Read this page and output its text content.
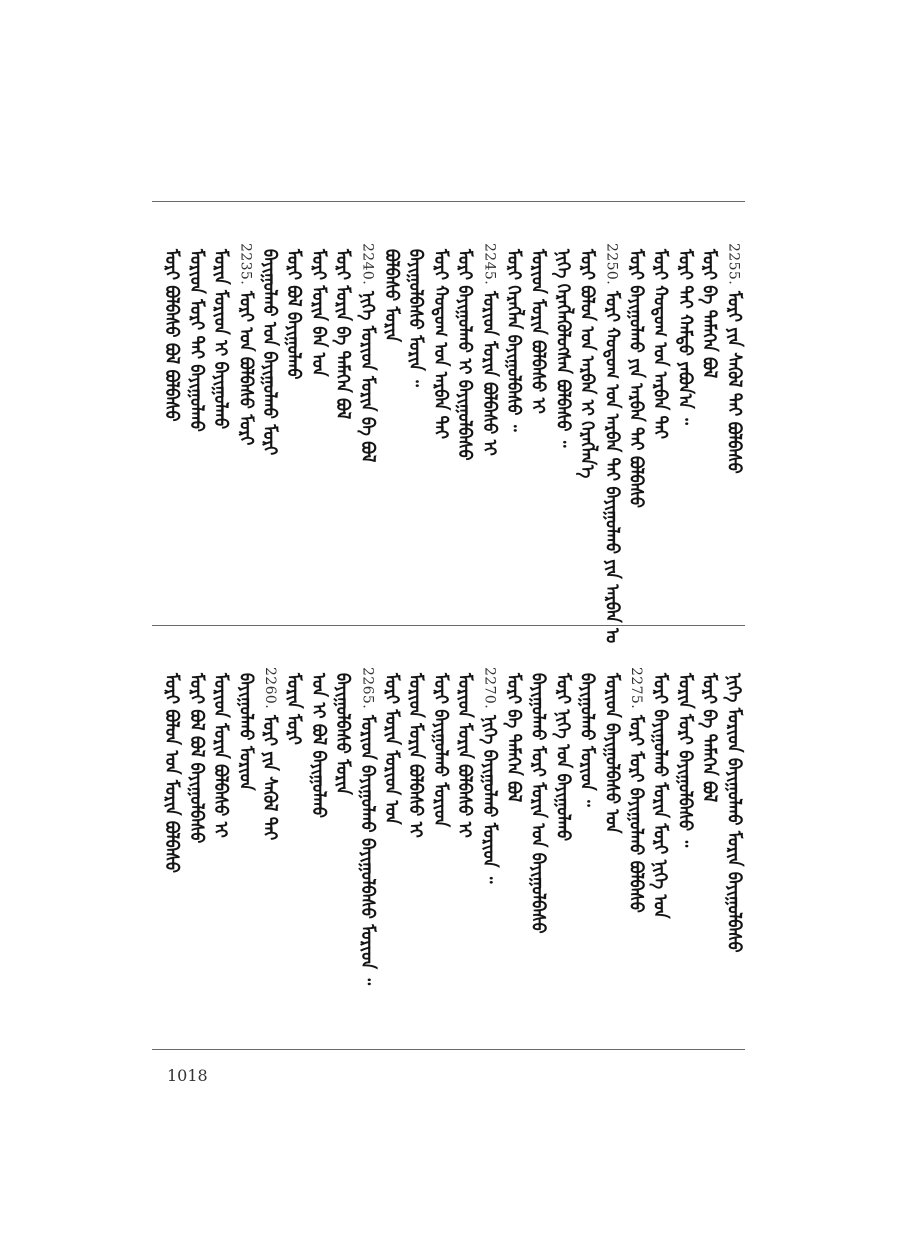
2255.ᠮᠣᠷᠢ ᠶᠢᠨ ᠰᠡᠭᠦᠯ ᠲᠡᠢ ᠪᠣᠯᠪᠠᠰᠤ
ᠮᠣᠷᠢ ᠪᠠ ᠲᠡᠮᠡᠭᠡᠨ ᠪᠣᠯ
ᠮᠣᠷᠢ ᠲᠠᠢ ᠬᠠᠮᠲᠤ ᠶᠠᠪᠤᠨ᠎ᠠ ᠃
ᠮᠣᠷᠢ ᠬᠤᠲᠤᠭ ᠤᠨ ᠠᠷᠪᠠᠨ ᠲᠡᠢ
ᠮᠣᠷᠢ ᠪᠠᠶᠢᠭᠤᠯᠬᠤ ᠶᠢᠨ ᠠᠷᠪᠠᠨ ᠲᠡᠢ ᠪᠣᠯᠪᠠᠰᠤ
2250.ᠮᠣᠷᠢ ᠬᠤᠲᠤᠭ ᠤᠨ ᠠᠷᠪᠠᠨ ᠲᠠᠢ ᠪᠠᠶᠢᠭᠤᠯᠬᠤ ᠶᠢᠨ ᠠᠷᠪᠠᠨ ᠤ
ᠮᠣᠷᠢ ᠪᠣᠯᠤᠨ ᠤᠨ ᠠᠷᠪᠠᠨ ᠢ ᠬᠡᠷᠡᠭᠯᠡᠨ᠎ᠡ
ᠨᠢᠭᠡ ᠬᠡᠷᠡᠭᠯᠡᠭᠦᠯᠦᠭᠰᠡᠨ ᠪᠣᠯᠪᠠᠰᠤ ᠃
ᠮᠣᠷᠢᠳ ᠮᠣᠷᠢᠨ ᠪᠣᠯᠪᠠᠰᠤ ᠢ
ᠮᠣᠷᠢ ᠬᠡᠷᠡᠭᠯᠡᠨ ᠪᠠᠶᠢᠭᠤᠯᠪᠠᠰᠤ ᠃
2245.ᠮᠣᠷᠢᠳ ᠮᠣᠷᠢᠨ ᠪᠣᠯᠪᠠᠰᠤ ᠢ
ᠮᠣᠷᠢ ᠪᠠᠶᠢᠭᠤᠯᠬᠤ ᠢ ᠪᠠᠶᠢᠭᠤᠯᠪᠠᠰᠤ
ᠮᠣᠷᠢ ᠬᠤᠲᠤᠭ ᠤᠨ ᠠᠷᠪᠠᠨ ᠲᠠᠢ
ᠪᠠᠶᠢᠭᠤᠯᠪᠠᠰᠤ ᠮᠣᠷᠢᠨ ᠃
ᠪᠣᠯᠪᠠᠰᠤ ᠮᠣᠷᠢᠨ
2240.ᠨᠢᠭᠡ ᠮᠣᠷᠢᠳ ᠮᠣᠷᠢᠨ ᠪᠠ ᠪᠣᠯ
ᠮᠣᠷᠢ ᠮᠣᠷᠢᠨ ᠪᠠ ᠲᠡᠮᠡᠭᠡᠨ ᠪᠣᠯ
ᠮᠣᠷᠢ ᠮᠣᠷᠢᠨ ᠪᠡᠨ ᠤᠨ
ᠮᠣᠷᠢ ᠪᠣᠯ ᠪᠠᠶᠢᠭᠤᠯᠬᠤ
ᠪᠠᠶᠢᠭᠤᠯᠬᠤ ᠤᠨ ᠪᠠᠶᠢᠭᠤᠯᠬᠤ ᠮᠣᠷᠢ
2235.ᠮᠣᠷᠢ ᠤᠨ ᠪᠣᠯᠪᠠᠰᠤ ᠮᠣᠷᠢ
ᠮᠣᠷᠢᠨ ᠮᠣᠷᠢᠳ ᠢ ᠪᠠᠶᠢᠭᠤᠯᠬᠤ
ᠮᠣᠷᠢᠳ ᠮᠣᠷᠢ ᠲᠠᠢ ᠪᠠᠶᠢᠭᠤᠯᠬᠤ
ᠮᠣᠷᠢ ᠪᠣᠯᠪᠠᠰᠤ ᠪᠣᠯ ᠪᠣᠯᠪᠠᠰᠤ
ᠨᠢᠭᠡ ᠮᠣᠷᠢᠳ ᠪᠠᠶᠢᠭᠤᠯᠬᠤ ᠮᠣᠷᠢᠨ ᠪᠠᠶᠢᠭᠤᠯᠪᠠᠰᠤ
ᠮᠣᠷᠢ ᠪᠠ ᠲᠡᠮᠡᠭᠡᠨ ᠪᠣᠯ
ᠮᠣᠷᠢᠨ ᠮᠣᠷᠢ ᠪᠠᠶᠢᠭᠤᠯᠪᠠᠰᠤ ᠃
ᠮᠣᠷᠢ ᠪᠠᠶᠢᠭᠤᠯᠬᠤ ᠮᠣᠷᠢᠨ ᠮᠣᠷᠢ ᠨᠢᠭᠡ ᠤᠨ
2275.ᠮᠣᠷᠢ ᠮᠣᠷᠢ ᠪᠠᠶᠢᠭᠤᠯᠬᠤ ᠪᠣᠯᠪᠠᠰᠤ
ᠮᠣᠷᠢᠳ ᠪᠠᠶᠢᠭᠤᠯᠪᠠᠰᠤ ᠤᠨ
ᠪᠠᠶᠢᠭᠤᠯᠬᠤ ᠮᠣᠷᠢᠳ ᠃
ᠮᠣᠷᠢ ᠨᠢᠭᠡ ᠤᠨ ᠪᠠᠶᠢᠭᠤᠯᠬᠤ
ᠪᠠᠶᠢᠭᠤᠯᠬᠤ ᠮᠣᠷᠢ ᠮᠣᠷᠢᠨ ᠤᠨ ᠪᠠᠶᠢᠭᠤᠯᠪᠠᠰᠤ
ᠮᠣᠷᠢ ᠪᠠ ᠲᠡᠮᠡᠭᠡᠨ ᠪᠣᠯ
2270.ᠨᠢᠭᠡ ᠪᠠᠶᠢᠭᠤᠯᠬᠤ ᠮᠣᠷᠢᠳ ᠃
ᠮᠣᠷᠢᠳ ᠮᠣᠷᠢᠨ ᠪᠣᠯᠪᠠᠰᠤ ᠢ
ᠮᠣᠷᠢ ᠪᠠᠶᠢᠭᠤᠯᠬᠤ ᠮᠣᠷᠢᠳ
ᠮᠣᠷᠢᠳ ᠮᠣᠷᠢᠨ ᠪᠣᠯᠪᠠᠰᠤ ᠢ
ᠮᠣᠷᠢ ᠮᠣᠷᠢᠨ ᠮᠣᠷᠢᠳ ᠤᠨ
2265.ᠮᠣᠷᠢᠳ ᠪᠠᠶᠢᠭᠤᠯᠬᠤ ᠪᠠᠶᠢᠭᠤᠯᠪᠠᠰᠤ ᠮᠣᠷᠢᠳ ᠃
ᠪᠠᠶᠢᠭᠤᠯᠪᠠᠰᠤ ᠮᠣᠷᠢᠨ
ᠤᠨ ᠢ ᠪᠣᠯ ᠪᠠᠶᠢᠭᠤᠯᠬᠤ
ᠮᠣᠷᠢᠨ ᠮᠣᠷᠢ
2260.ᠮᠣᠷᠢ ᠶᠢᠨ ᠰᠡᠭᠦᠯ ᠲᠡᠢ
ᠪᠠᠶᠢᠭᠤᠯᠬᠤ ᠮᠣᠷᠢᠳ
ᠮᠣᠷᠢᠳ ᠮᠣᠷᠢᠨ ᠪᠣᠯᠪᠠᠰᠤ ᠢ
ᠮᠣᠷᠢ ᠪᠣᠯ ᠪᠣᠯ ᠪᠠᠶᠢᠭᠤᠯᠪᠠᠰᠤ
ᠮᠣᠷᠢ ᠪᠣᠯᠤᠨ ᠤᠨ ᠮᠣᠷᠢᠨ ᠪᠣᠯᠪᠠᠰᠤ
1018
